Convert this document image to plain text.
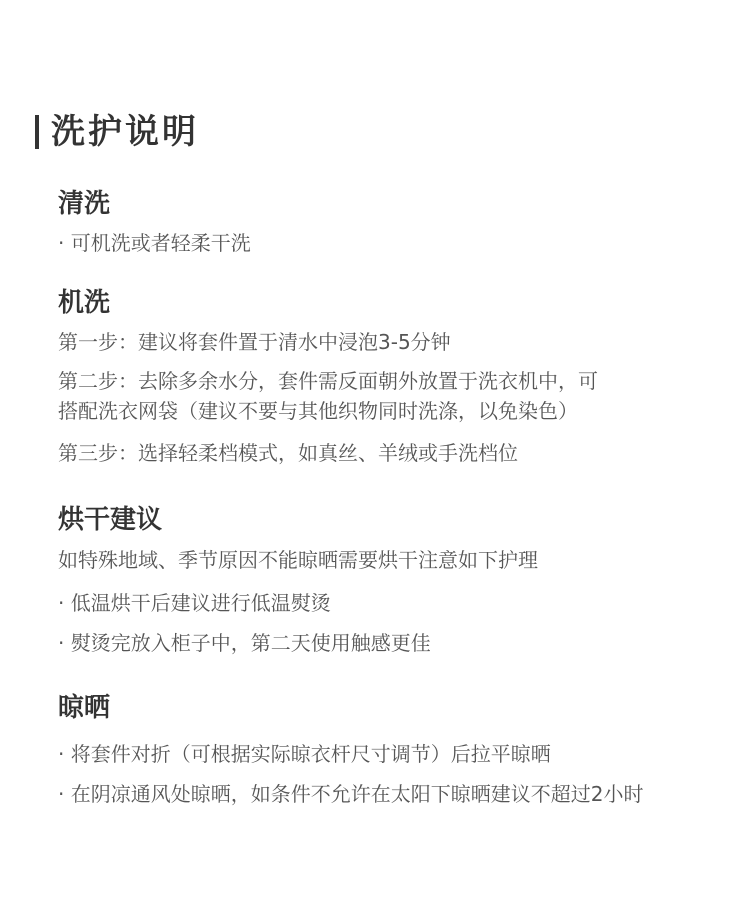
洗护说明
清洗

· 可机洗或者轻柔干洗

机洗

第一步：建议将套件置于清水中浸泡3-5分钟

第二步：去除多余水分，套件需反面朝外放置于洗衣机中，可

搭配洗衣网袋（建议不要与其他织物同时洗涤，以免染色）

第三步：选择轻柔档模式，如真丝、羊绒或手洗档位

烘干建议

如特殊地域、季节原因不能晾晒需要烘干注意如下护理

· 低温烘干后建议进行低温熨烫

· 熨烫完放入柜子中，第二天使用触感更佳

晾晒

· 将套件对折（可根据实际晾衣杆尺寸调节）后拉平晾晒

· 在阴凉通风处晾晒，如条件不允许在太阳下晾晒建议不超过2小时
